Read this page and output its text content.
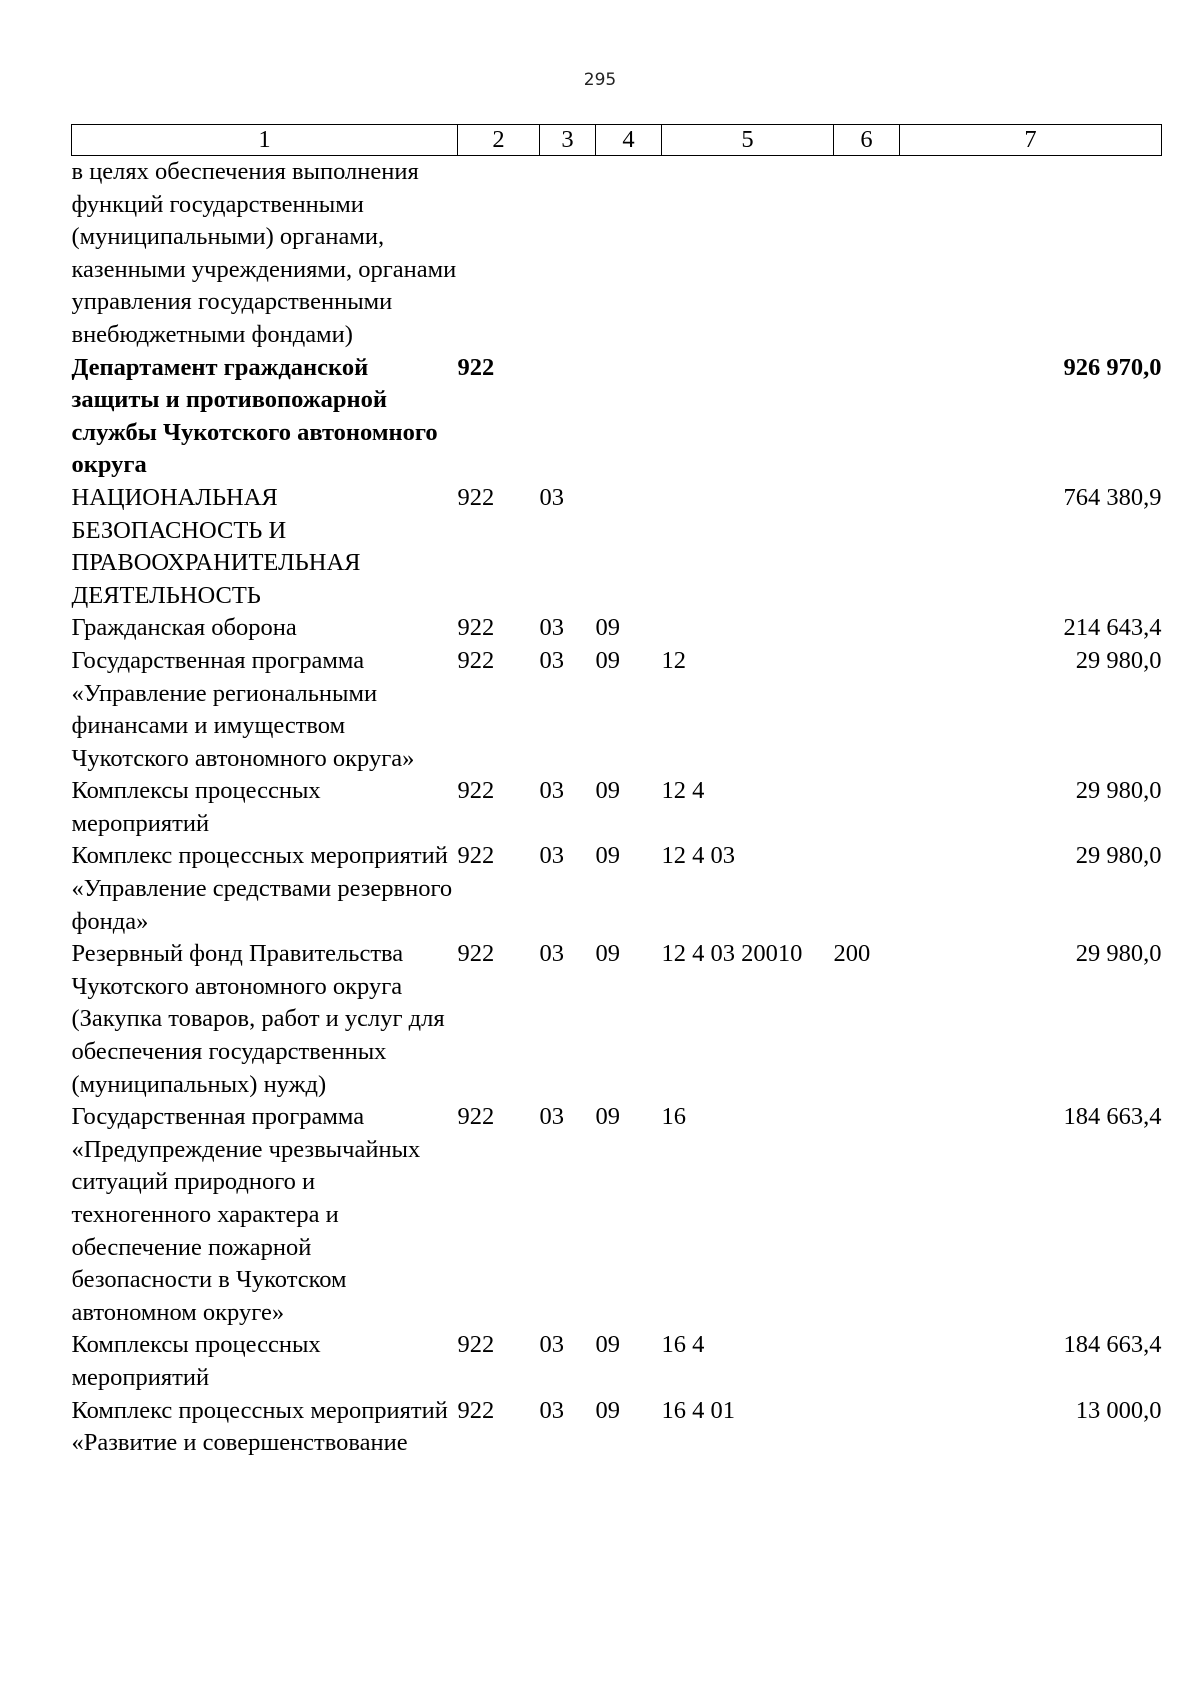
295
1	2	3	4	5	6	7
в целях обеспечения выполнения функций государственными (муниципальными) органами, казенными учреждениями, органами управления государственными внебюджетными фондами)						
Департамент гражданской защиты и противопожарной службы Чукотского автономного округа	922					926 970,0
НАЦИОНАЛЬНАЯ БЕЗОПАСНОСТЬ И ПРАВООХРАНИТЕЛЬНАЯ ДЕЯТЕЛЬНОСТЬ	922	03				764 380,9
Гражданская оборона	922	03	09			214 643,4
Государственная программа «Управление региональными финансами и имуществом Чукотского автономного округа»	922	03	09	12		29 980,0
Комплексы процессных мероприятий	922	03	09	12 4		29 980,0
Комплекс процессных мероприятий «Управление средствами резервного фонда»	922	03	09	12 4 03		29 980,0
Резервный фонд Правительства Чукотского автономного округа (Закупка товаров, работ и услуг для обеспечения государственных (муниципальных) нужд)	922	03	09	12 4 03 20010	200	29 980,0
Государственная программа «Предупреждение чрезвычайных ситуаций природного и техногенного характера и обеспечение пожарной безопасности в Чукотском автономном округе»	922	03	09	16		184 663,4
Комплексы процессных мероприятий	922	03	09	16 4		184 663,4
Комплекс процессных мероприятий «Развитие и совершенствование	922	03	09	16 4 01		13 000,0
